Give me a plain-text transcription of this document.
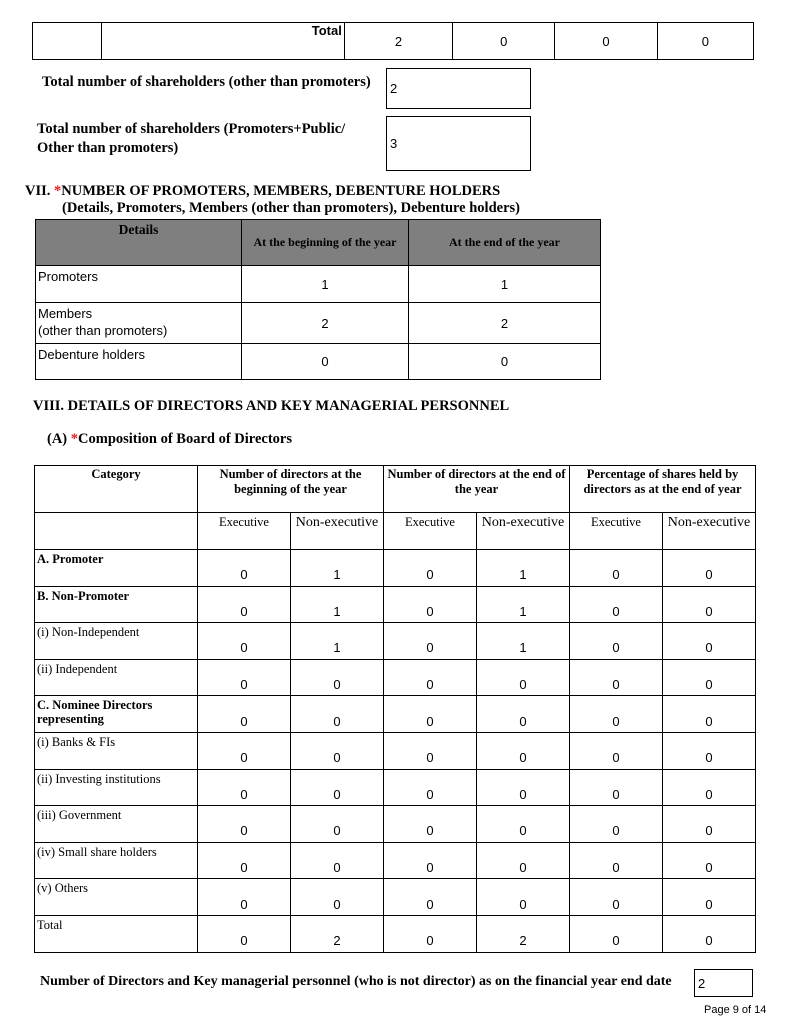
	Total	2	0	0	0
Total number of shareholders (other than promoters)	2
Total number of shareholders (Promoters+Public/
Other than promoters)	3
VII. *NUMBER OF PROMOTERS, MEMBERS, DEBENTURE HOLDERS
(Details, Promoters, Members (other than promoters), Debenture holders)
Details	At the beginning of the year	At the end of the year

Promoters	1	1

Members
(other than promoters)	2	2

Debenture holders	0	0
VIII. DETAILS OF DIRECTORS AND KEY MANAGERIAL PERSONNEL
(A) *Composition of Board of Directors
Category	Number of directors at the beginning of the year		Number of directors at the end of the year		Percentage of shares held by directors as at the end of year	
	Executive	Non-executive	Executive	Non-executive	Executive	Non-executive

A. Promoter	0	1	0	1	0	0

B. Non-Promoter	0	1	0	1	0	0

(i) Non-Independent	0	1	0	1	0	0

(ii) Independent	0	0	0	0	0	0

C. Nominee Directors
representing	0	0	0	0	0	0

(i) Banks & FIs	0	0	0	0	0	0

(ii) Investing institutions	0	0	0	0	0	0

(iii) Government	0	0	0	0	0	0

(iv) Small share holders	0	0	0	0	0	0

(v) Others	0	0	0	0	0	0

Total	0	2	0	2	0	0
Number of Directors and Key managerial personnel (who is not director) as on the financial year end date	2
Page 9 of 14
